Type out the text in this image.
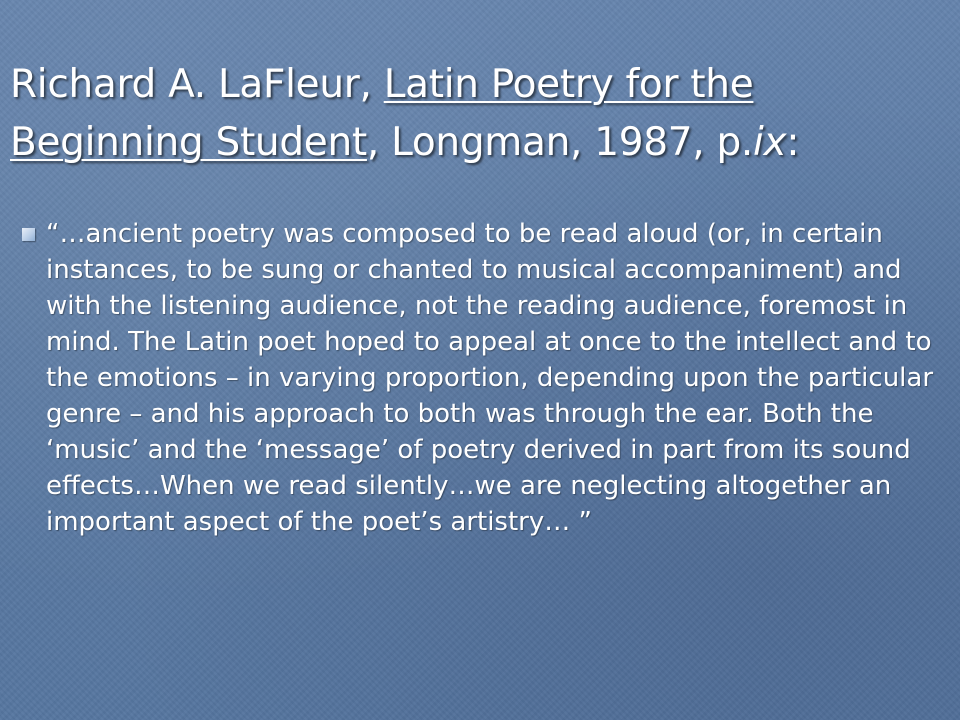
Richard A. LaFleur, Latin Poetry for the Beginning Student, Longman, 1987, p.ix:
“…ancient poetry was composed to be read aloud (or, in certain instances, to be sung or chanted to musical accompaniment) and with the listening audience, not the reading audience, foremost in mind. The Latin poet hoped to appeal at once to the intellect and to the emotions – in varying proportion, depending upon the particular genre – and his approach to both was through the ear. Both the ‘music’ and the ‘message’ of poetry derived in part from its sound effects…When we read silently…we are neglecting altogether an important aspect of the poet’s artistry… ”
